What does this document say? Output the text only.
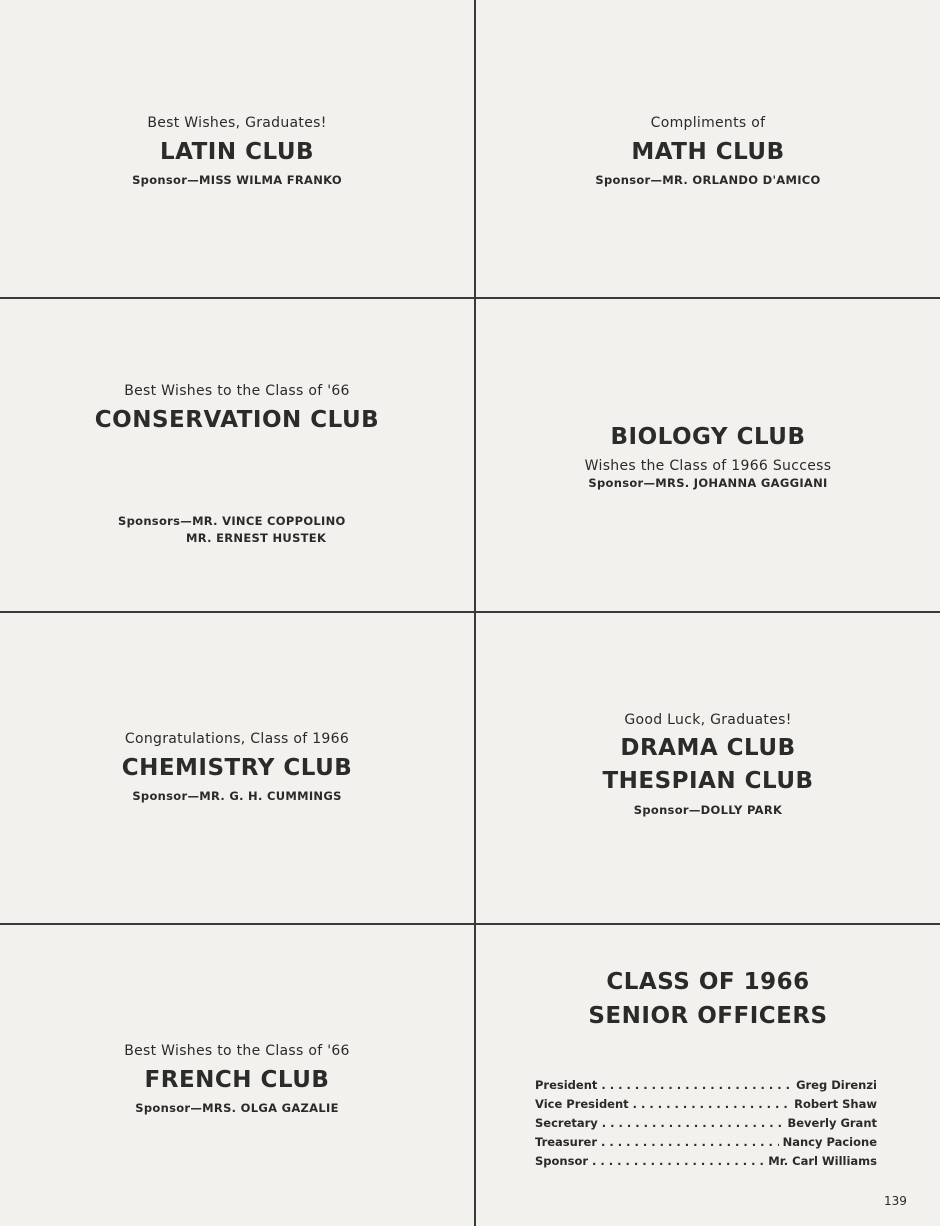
Best Wishes, Graduates!
LATIN CLUB
Sponsor—MISS WILMA FRANKO
Compliments of
MATH CLUB
Sponsor—MR. ORLANDO D'AMICO
Best Wishes to the Class of '66
CONSERVATION CLUB
Sponsors—MR. VINCE COPPOLINO
MR. ERNEST HUSTEK
BIOLOGY CLUB
Wishes the Class of 1966 Success
Sponsor—MRS. JOHANNA GAGGIANI
Congratulations, Class of 1966
CHEMISTRY CLUB
Sponsor—MR. G. H. CUMMINGS
Good Luck, Graduates!
DRAMA CLUB
THESPIAN CLUB
Sponsor—DOLLY PARK
Best Wishes to the Class of '66
FRENCH CLUB
Sponsor—MRS. OLGA GAZALIE
CLASS OF 1966
SENIOR OFFICERS
President . . .	Greg Direnzi
Vice President . . .	Robert Shaw
Secretary . . .	Beverly Grant
Treasurer . . .	Nancy Pacione
Sponsor . . .	Mr. Carl Williams
139
